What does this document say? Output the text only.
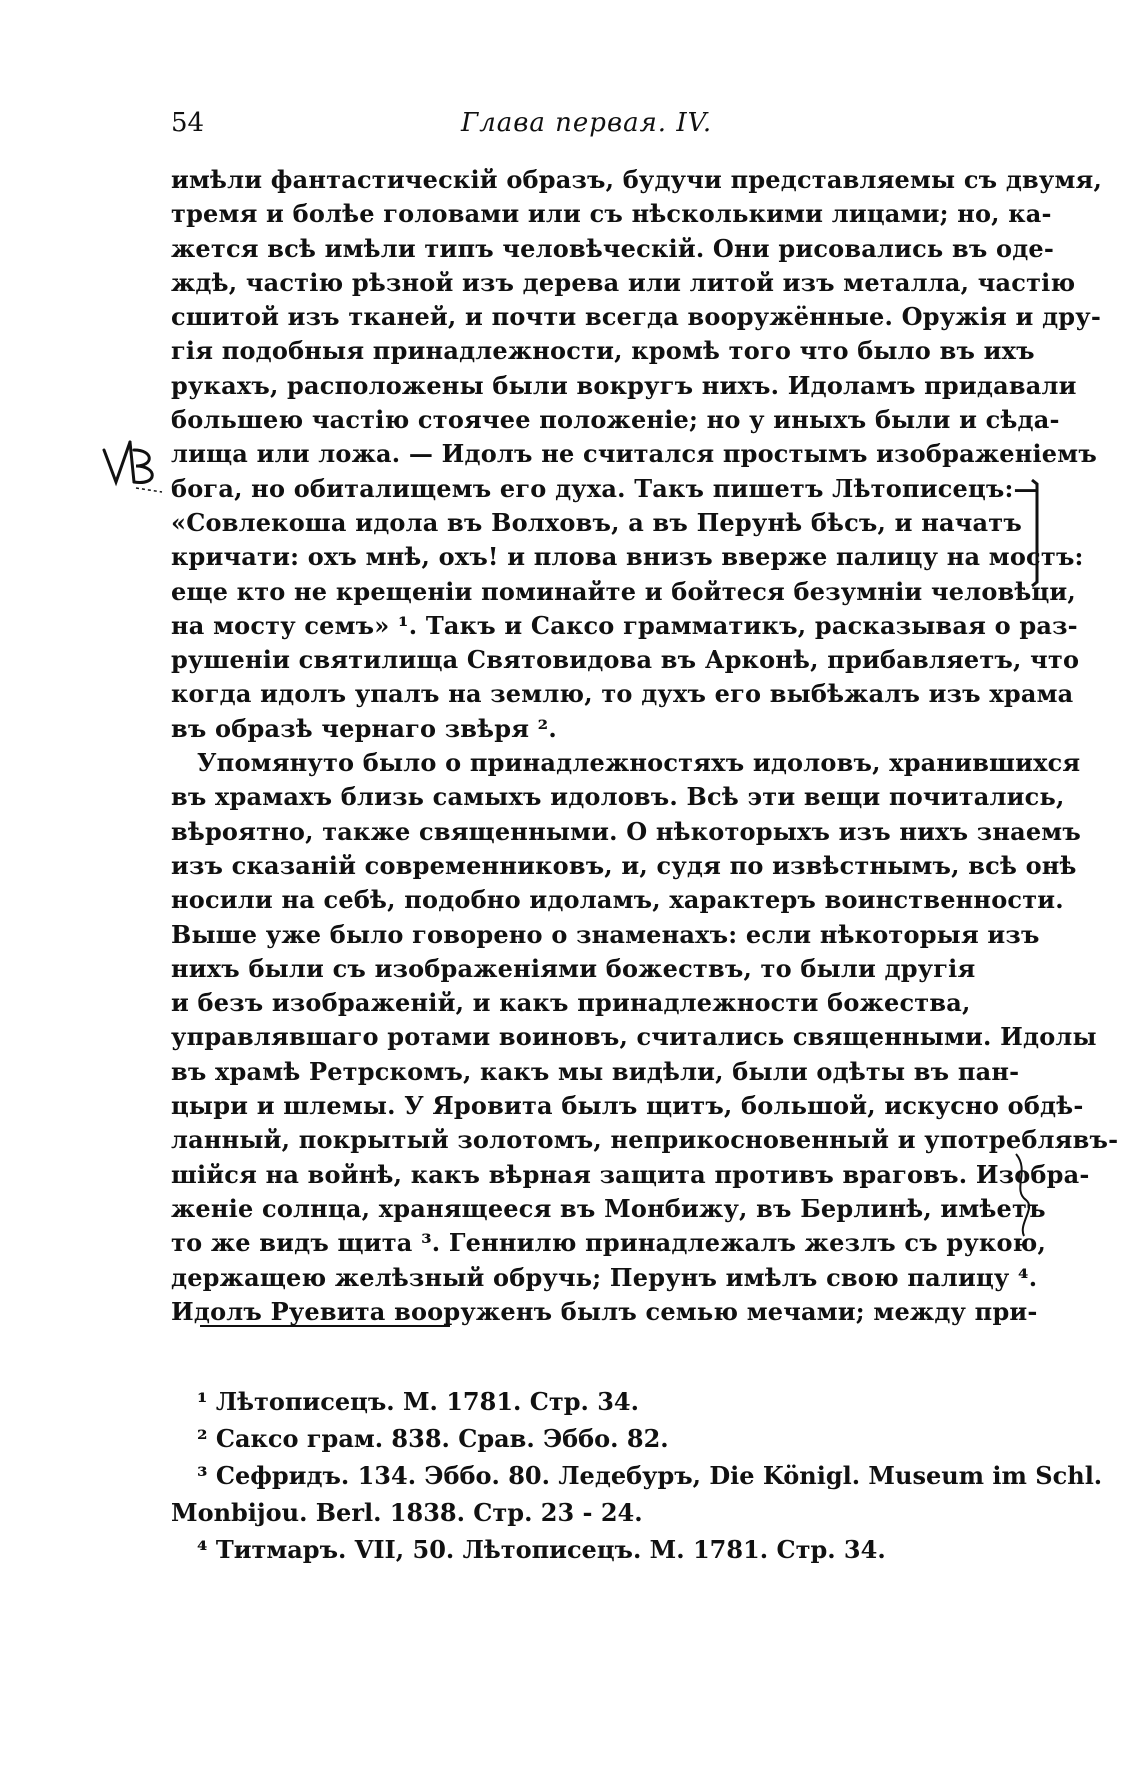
54	Глава первая. IV.
имѣли фантастическій образъ, будучи представляемы съ двумя,
тремя и болѣе головами или съ нѣсколькими лицами; но, ка-
жется всѣ имѣли типъ человѣческій. Они рисовались въ оде-
ждѣ, частію рѣзной изъ дерева или литой изъ металла, частію
сшитой изъ тканей, и почти всегда вооружённые. Оружія и дру-
гія подобныя принадлежности, кромѣ того что было въ ихъ
рукахъ, расположены были вокругъ нихъ. Идоламъ придавали
большею частію стоячее положеніе; но у иныхъ были и сѣда-
лища или ложа. — Идолъ не считался простымъ изображеніемъ
бога, но обиталищемъ его духа. Такъ пишетъ Лѣтописецъ:—
«Совлекоша идола въ Волховъ, а въ Перунѣ бѣсъ, и начатъ
кричати: охъ мнѣ, охъ! и плова внизъ вверже палицу на мостъ:
еще кто не крещеніи поминайте и бойтеся безумніи человѣци,
на мосту семъ» ¹. Такъ и Саксо грамматикъ, расказывая о раз-
рушеніи святилища Святовидова въ Арконѣ, прибавляетъ, что
когда идолъ упалъ на землю, то духъ его выбѣжалъ изъ храма
въ образѣ чернаго звѣря ².
Упомянуто было о принадлежностяхъ идоловъ, хранившихся
въ храмахъ близь самыхъ идоловъ. Всѣ эти вещи почитались,
вѣроятно, также священными. О нѣкоторыхъ изъ нихъ знаемъ
изъ сказаній современниковъ, и, судя по извѣстнымъ, всѣ онѣ
носили на себѣ, подобно идоламъ, характеръ воинственности.
Выше уже было говорено о знаменахъ: если нѣкоторыя изъ
нихъ были съ изображеніями божествъ, то были другія
и безъ изображеній, и какъ принадлежности божества,
управлявшаго ротами воиновъ, считались священными. Идолы
въ храмѣ Ретрскомъ, какъ мы видѣли, были одѣты въ пан-
цыри и шлемы. У Яровита былъ щитъ, большой, искусно обдѣ-
ланный, покрытый золотомъ, неприкосновенный и употреблявъ-
шійся на войнѣ, какъ вѣрная защита противъ враговъ. Изобра-
женіе солнца, хранящееся въ Монбижу, въ Берлинѣ, имѣетъ
то же видъ щита ³. Геннилю принадлежалъ жезлъ съ рукою,
держащею желѣзный обручь; Перунъ имѣлъ свою палицу ⁴.
Идолъ Руевита вооруженъ былъ семью мечами; между при-
¹ Лѣтописецъ. М. 1781. Стр. 34.
² Саксо грам. 838. Срав. Эббо. 82.
³ Сефридъ. 134. Эббо. 80. Ледебуръ, Die Königl. Museum im Schl.
Monbijou. Berl. 1838. Стр. 23 - 24.
⁴ Титмаръ. VII, 50. Лѣтописецъ. М. 1781. Стр. 34.
